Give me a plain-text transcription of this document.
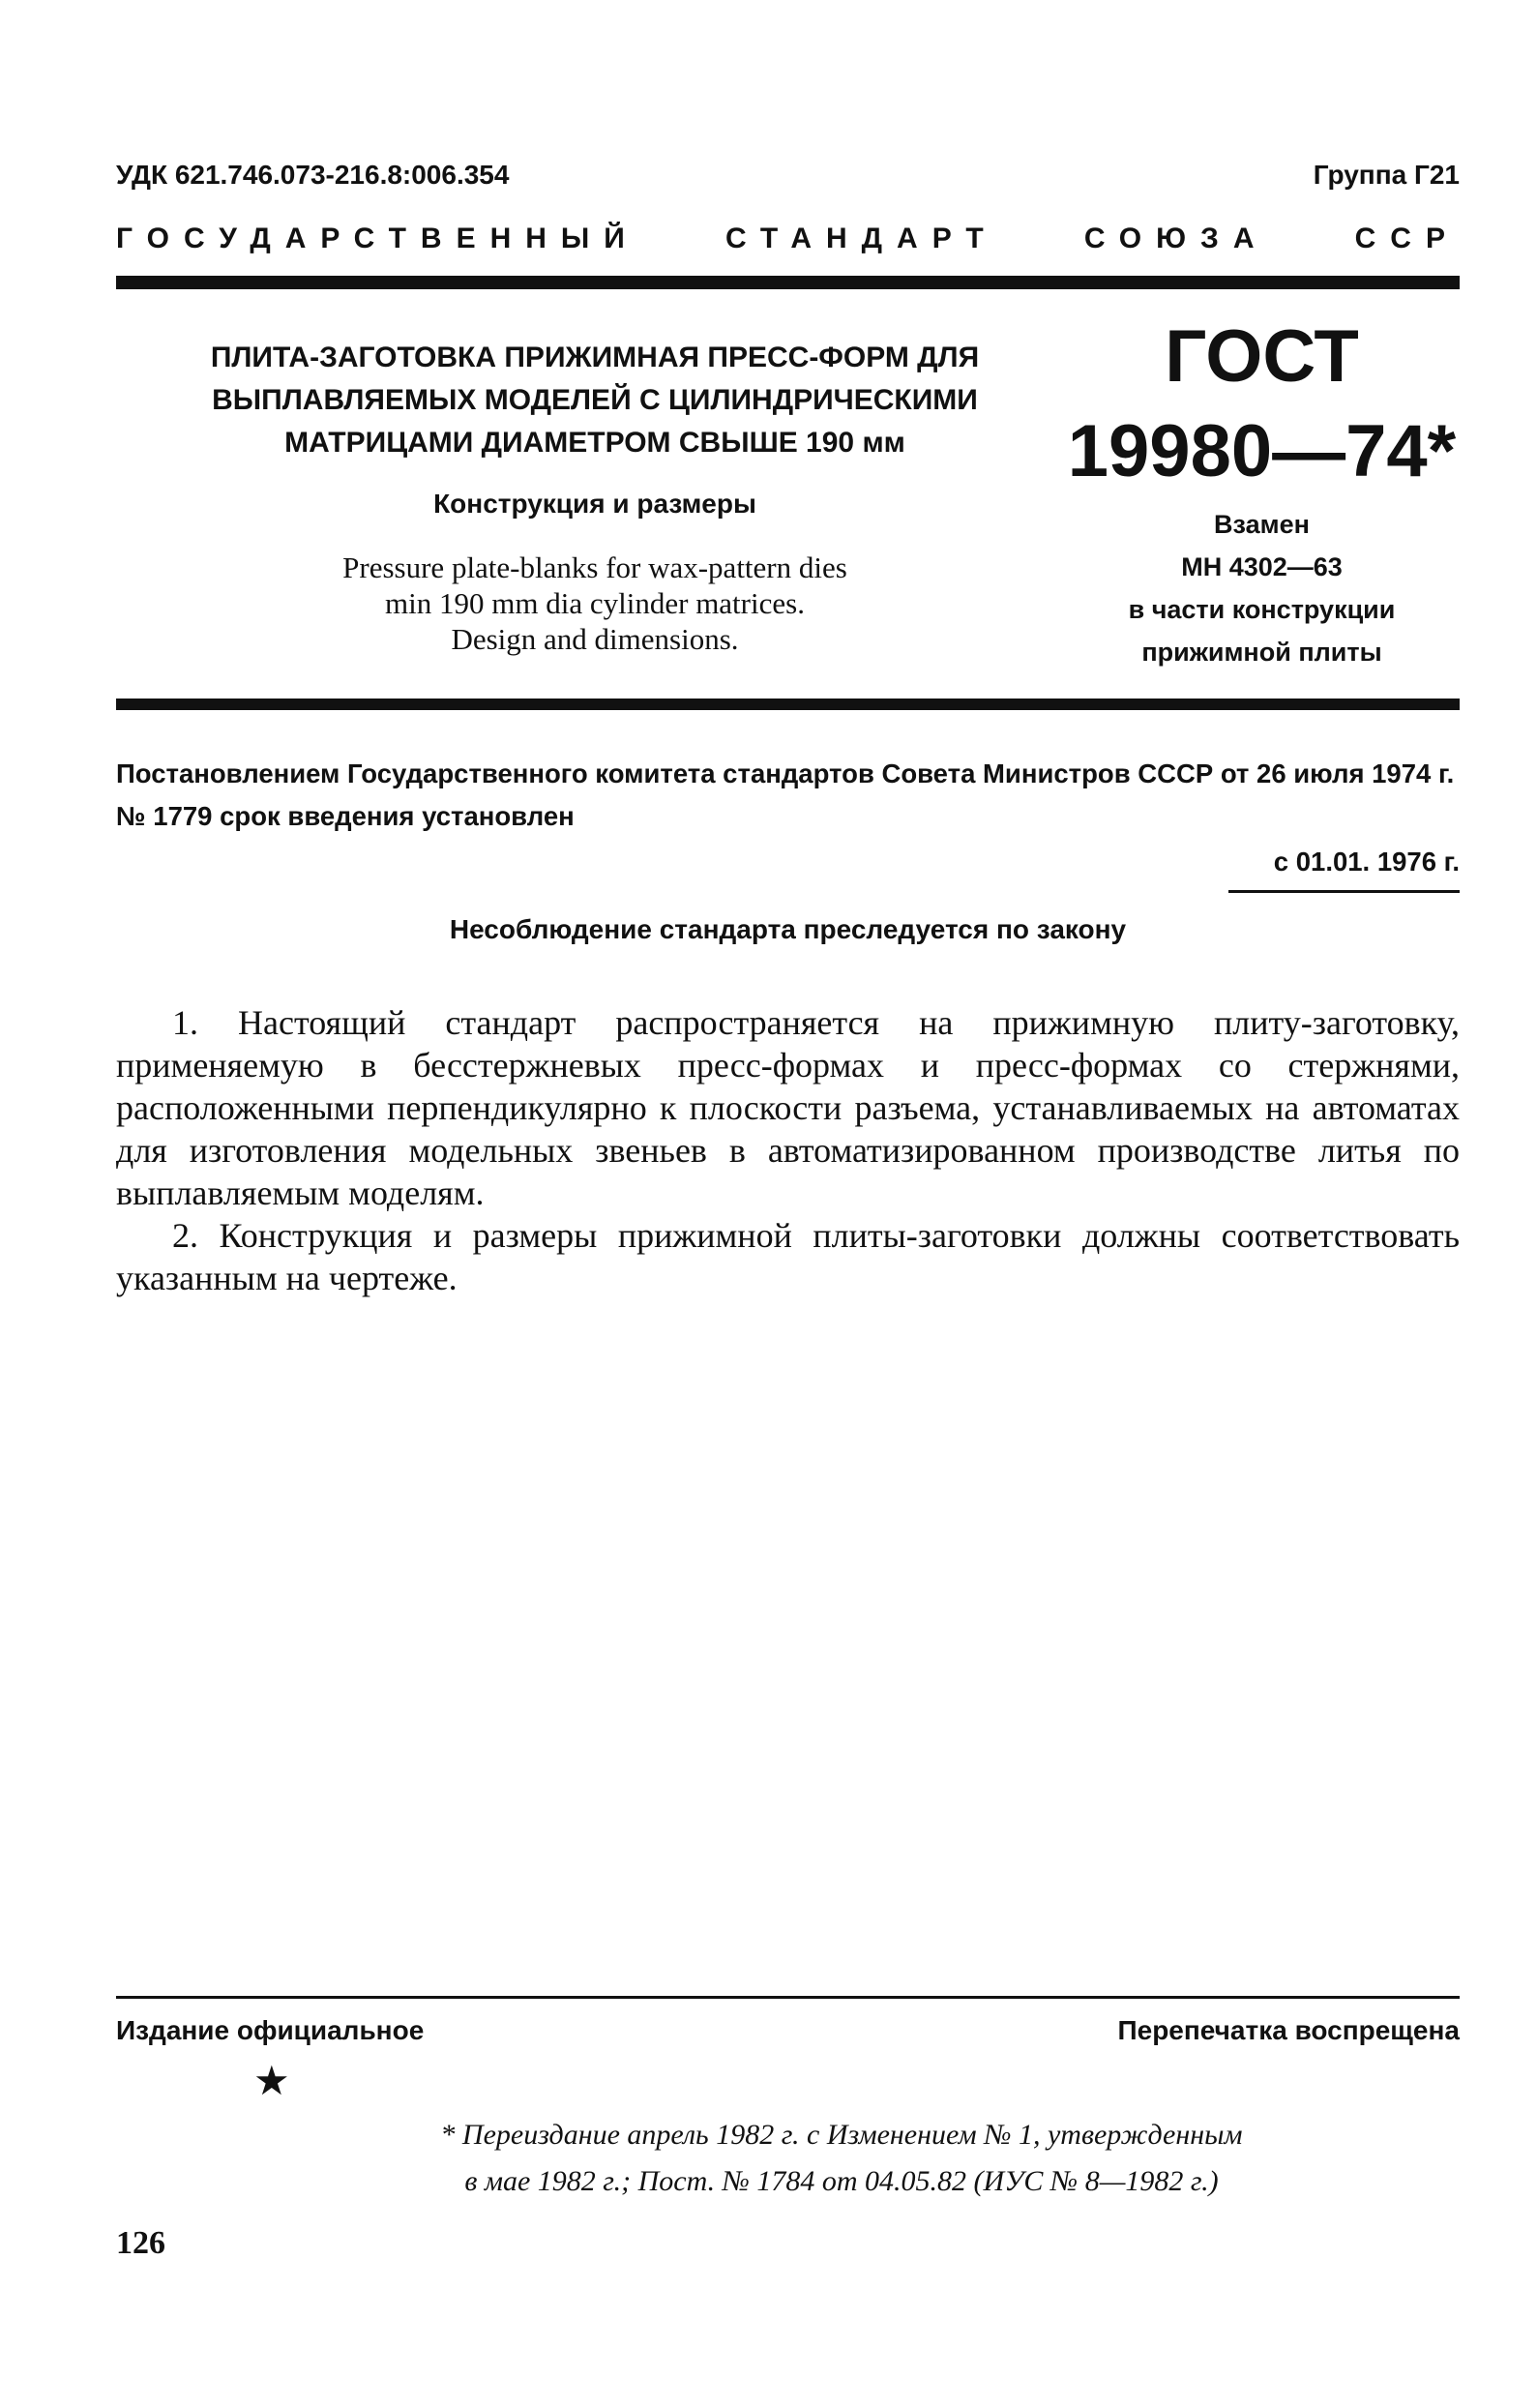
УДК 621.746.073-216.8:006.354	Группа Г21
ГОСУДАРСТВЕННЫЙ	СТАНДАРТ	СОЮЗА	ССР
ПЛИТА-ЗАГОТОВКА ПРИЖИМНАЯ ПРЕСС-ФОРМ ДЛЯ
ВЫПЛАВЛЯЕМЫХ МОДЕЛЕЙ С ЦИЛИНДРИЧЕСКИМИ
МАТРИЦАМИ ДИАМЕТРОМ СВЫШЕ 190 мм
Конструкция и размеры
Pressure plate-blanks for wax-pattern dies
min 190 mm dia cylinder matrices.
Design and dimensions.
ГОСТ
19980—74*
Взамен
МН 4302—63
в части конструкции
прижимной плиты
Постановлением Государственного комитета стандартов Совета Министров СССР от 26 июля 1974 г. № 1779 срок введения установлен
с 01.01. 1976 г.
Несоблюдение стандарта преследуется по закону

1. Настоящий стандарт распространяется на прижимную плиту-заготовку, применяемую в бесстержневых пресс-формах и пресс-формах со стержнями, расположенными перпендикулярно к плоскости разъема, устанавливаемых на автоматах для изготовления модельных звеньев в автоматизированном производстве литья по выплавляемым моделям.

2. Конструкция и размеры прижимной плиты-заготовки должны соответствовать указанным на чертеже.

Издание официальное	Перепечатка воспрещена
★
* Переиздание апрель 1982 г. с Изменением № 1, утвержденным
в мае 1982 г.; Пост. № 1784 от 04.05.82 (ИУС № 8—1982 г.)
126
